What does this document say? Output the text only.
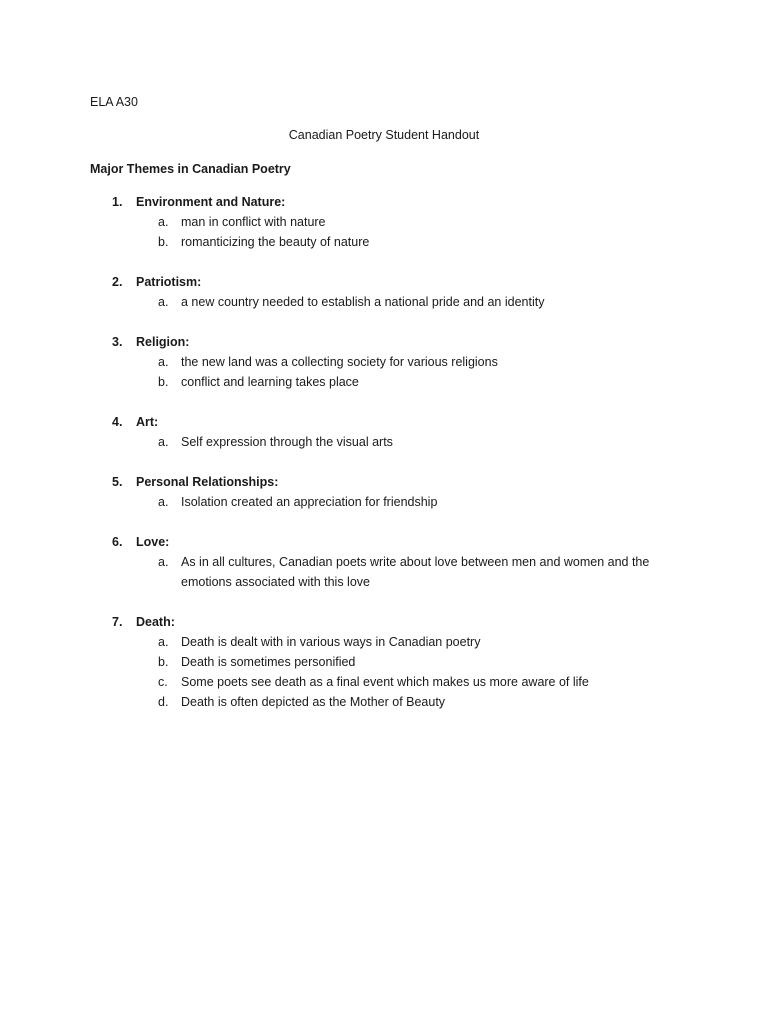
ELA A30
Canadian Poetry Student Handout
Major Themes in Canadian Poetry
1. Environment and Nature:
a. man in conflict with nature
b. romanticizing the beauty of nature
2. Patriotism:
a. a new country needed to establish a national pride and an identity
3. Religion:
a. the new land was a collecting society for various religions
b. conflict and learning takes place
4. Art:
a. Self expression through the visual arts
5. Personal Relationships:
a. Isolation created an appreciation for friendship
6. Love:
a. As in all cultures, Canadian poets write about love between men and women and the emotions associated with this love
7. Death:
a. Death is dealt with in various ways in Canadian poetry
b. Death is sometimes personified
c. Some poets see death as a final event which makes us more aware of life
d. Death is often depicted as the Mother of Beauty
